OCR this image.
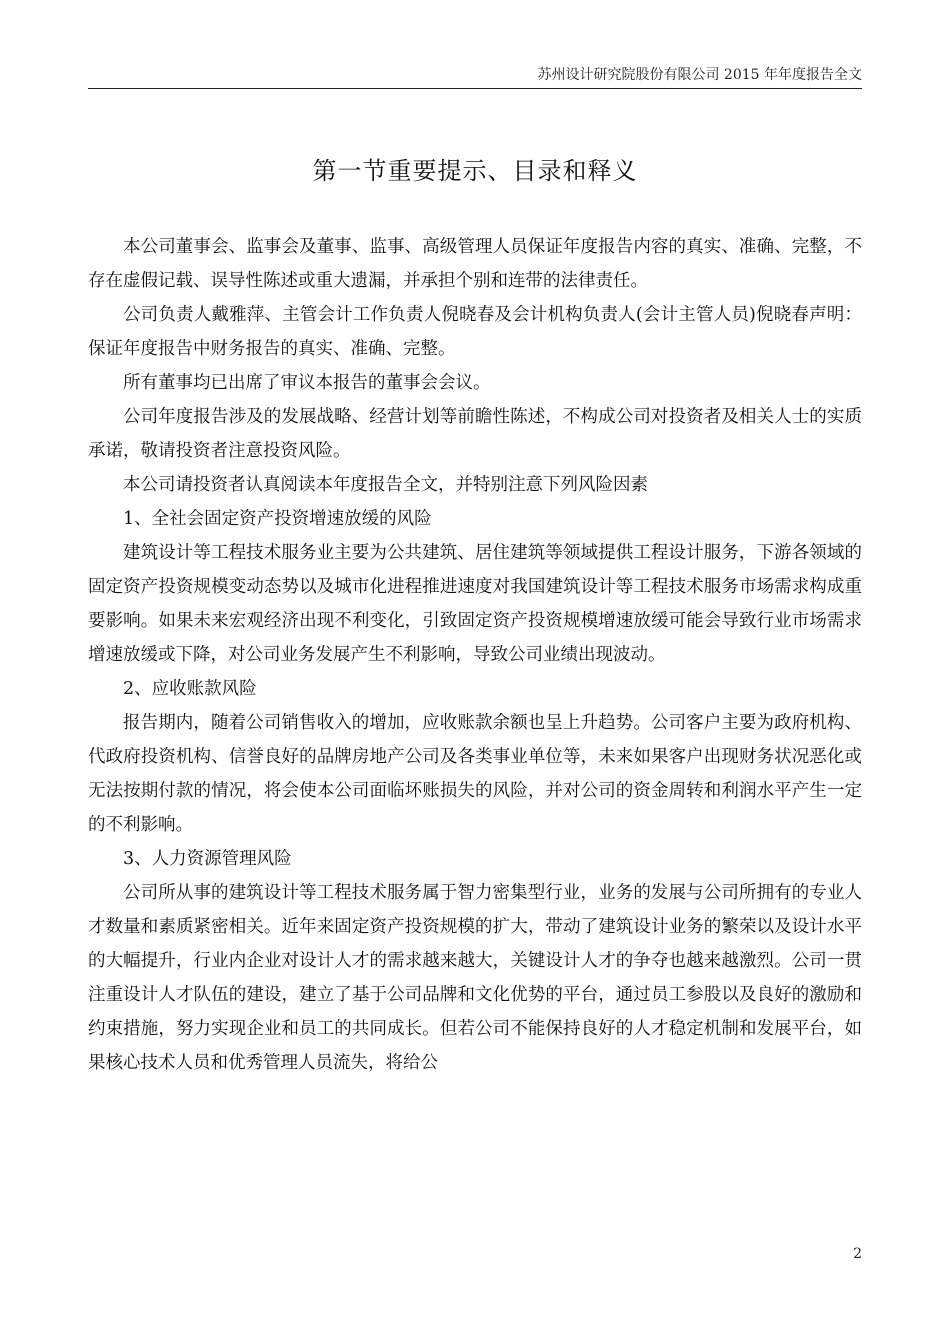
苏州设计研究院股份有限公司 2015 年年度报告全文
第一节重要提示、目录和释义

本公司董事会、监事会及董事、监事、高级管理人员保证年度报告内容的真实、准确、完整，不存在虚假记载、误导性陈述或重大遗漏，并承担个别和连带的法律责任。

公司负责人戴雅萍、主管会计工作负责人倪晓春及会计机构负责人(会计主管人员)倪晓春声明：保证年度报告中财务报告的真实、准确、完整。

所有董事均已出席了审议本报告的董事会会议。

公司年度报告涉及的发展战略、经营计划等前瞻性陈述，不构成公司对投资者及相关人士的实质承诺，敬请投资者注意投资风险。

本公司请投资者认真阅读本年度报告全文，并特别注意下列风险因素

1、全社会固定资产投资增速放缓的风险

建筑设计等工程技术服务业主要为公共建筑、居住建筑等领域提供工程设计服务，下游各领域的固定资产投资规模变动态势以及城市化进程推进速度对我国建筑设计等工程技术服务市场需求构成重要影响。如果未来宏观经济出现不利变化，引致固定资产投资规模增速放缓可能会导致行业市场需求增速放缓或下降，对公司业务发展产生不利影响，导致公司业绩出现波动。

2、应收账款风险

报告期内，随着公司销售收入的增加，应收账款余额也呈上升趋势。公司客户主要为政府机构、代政府投资机构、信誉良好的品牌房地产公司及各类事业单位等，未来如果客户出现财务状况恶化或无法按期付款的情况，将会使本公司面临坏账损失的风险，并对公司的资金周转和利润水平产生一定的不利影响。

3、人力资源管理风险

公司所从事的建筑设计等工程技术服务属于智力密集型行业，业务的发展与公司所拥有的专业人才数量和素质紧密相关。近年来固定资产投资规模的扩大，带动了建筑设计业务的繁荣以及设计水平的大幅提升，行业内企业对设计人才的需求越来越大，关键设计人才的争夺也越来越激烈。公司一贯注重设计人才队伍的建设，建立了基于公司品牌和文化优势的平台，通过员工参股以及良好的激励和约束措施，努力实现企业和员工的共同成长。但若公司不能保持良好的人才稳定机制和发展平台，如果核心技术人员和优秀管理人员流失，将给公

2
